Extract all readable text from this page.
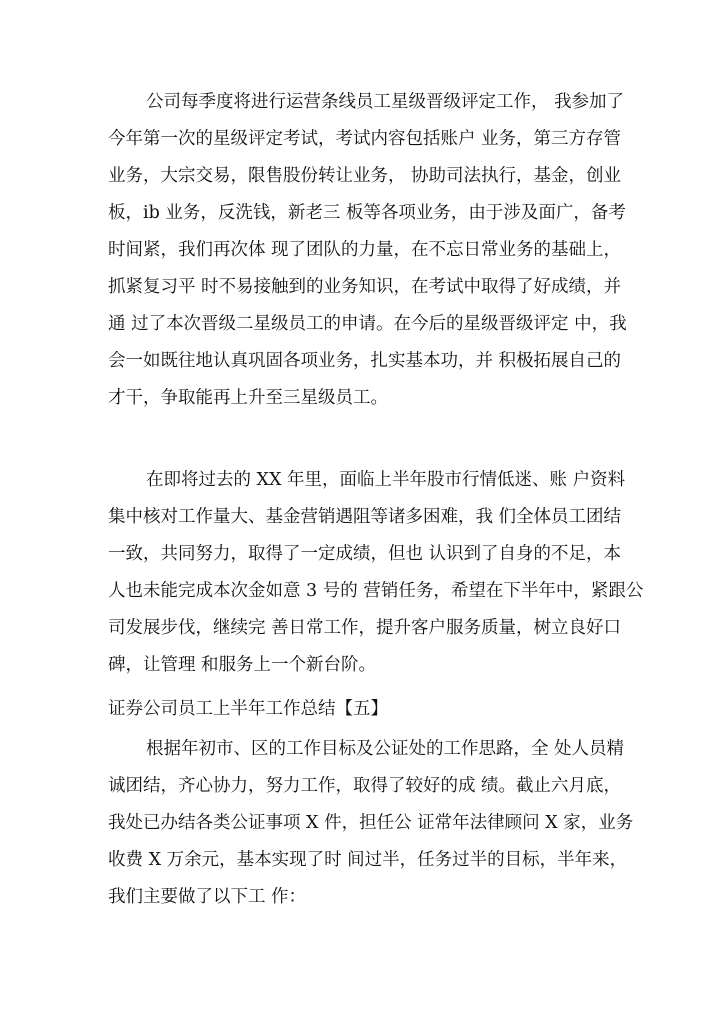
公司每季度将进行运营条线员工星级晋级评定工作， 我参加了
今年第一次的星级评定考试，考试内容包括账户 业务，第三方存管
业务，大宗交易，限售股份转让业务， 协助司法执行，基金，创业
板，ib 业务，反洗钱，新老三 板等各项业务，由于涉及面广，备考
时间紧，我们再次体 现了团队的力量，在不忘日常业务的基础上，
抓紧复习平 时不易接触到的业务知识，在考试中取得了好成绩，并
通 过了本次晋级二星级员工的申请。在今后的星级晋级评定 中，我
会一如既往地认真巩固各项业务，扎实基本功，并 积极拓展自己的
才干，争取能再上升至三星级员工。
在即将过去的 XX 年里，面临上半年股市行情低迷、账 户资料
集中核对工作量大、基金营销遇阻等诸多困难，我 们全体员工团结
一致，共同努力，取得了一定成绩，但也 认识到了自身的不足，本
人也未能完成本次金如意 3 号的 营销任务，希望在下半年中，紧跟公
司发展步伐，继续完 善日常工作，提升客户服务质量，树立良好口
碑，让管理 和服务上一个新台阶。
证券公司员工上半年工作总结【五】
根据年初市、区的工作目标及公证处的工作思路，全 处人员精
诚团结，齐心协力，努力工作，取得了较好的成 绩。截止六月底，
我处已办结各类公证事项 X 件，担任公 证常年法律顾问 X 家，业务
收费 X 万余元，基本实现了时 间过半，任务过半的目标，半年来，
我们主要做了以下工 作：
